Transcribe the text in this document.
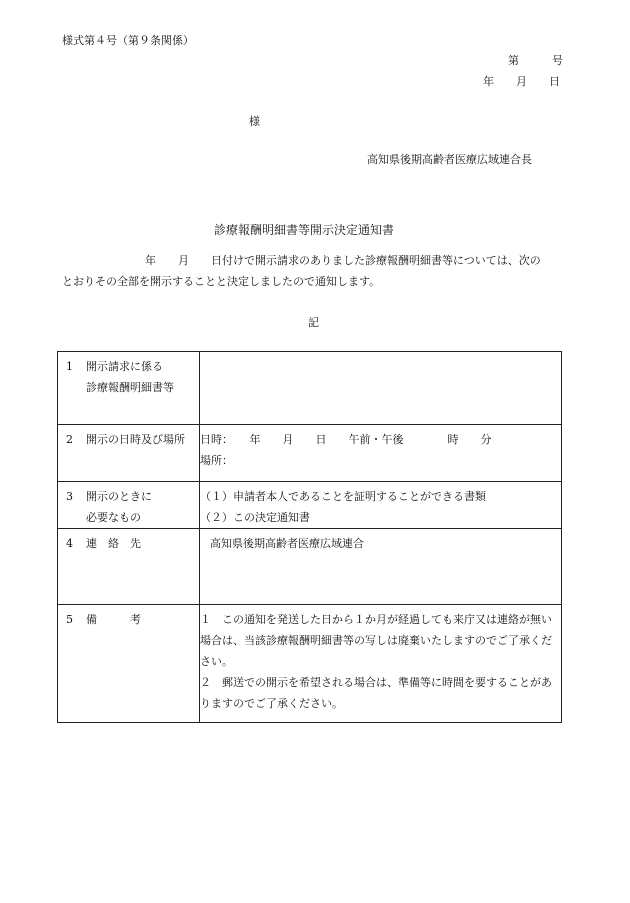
様式第４号（第９条関係）
第　　　号
年　　月　　日
様
高知県後期高齢者医療広域連合長
診療報酬明細書等開示決定通知書
年　　月　　日付けで開示請求のありました診療報酬明細書等については、次の
とおりその全部を開示することと決定しましたので通知します。
記
1 開示請求に係る
診療報酬明細書等	

2 開示の日時及び場所	日時：　　年　　月　　日　　午前・午後　　　　時　　分
場所：

3 開示のときに
必要なもの	（１）申請者本人であることを証明することができる書類
（２）この決定通知書

4 連　絡　先	高知県後期高齢者医療広域連合

5 備　　　考	１　この通知を発送した日から１か月が経過しても来庁又は連絡が無い場合は、当該診療報酬明細書等の写しは廃棄いたしますのでご了承ください。
２　郵送での開示を希望される場合は、準備等に時間を要することがありますのでご了承ください。
